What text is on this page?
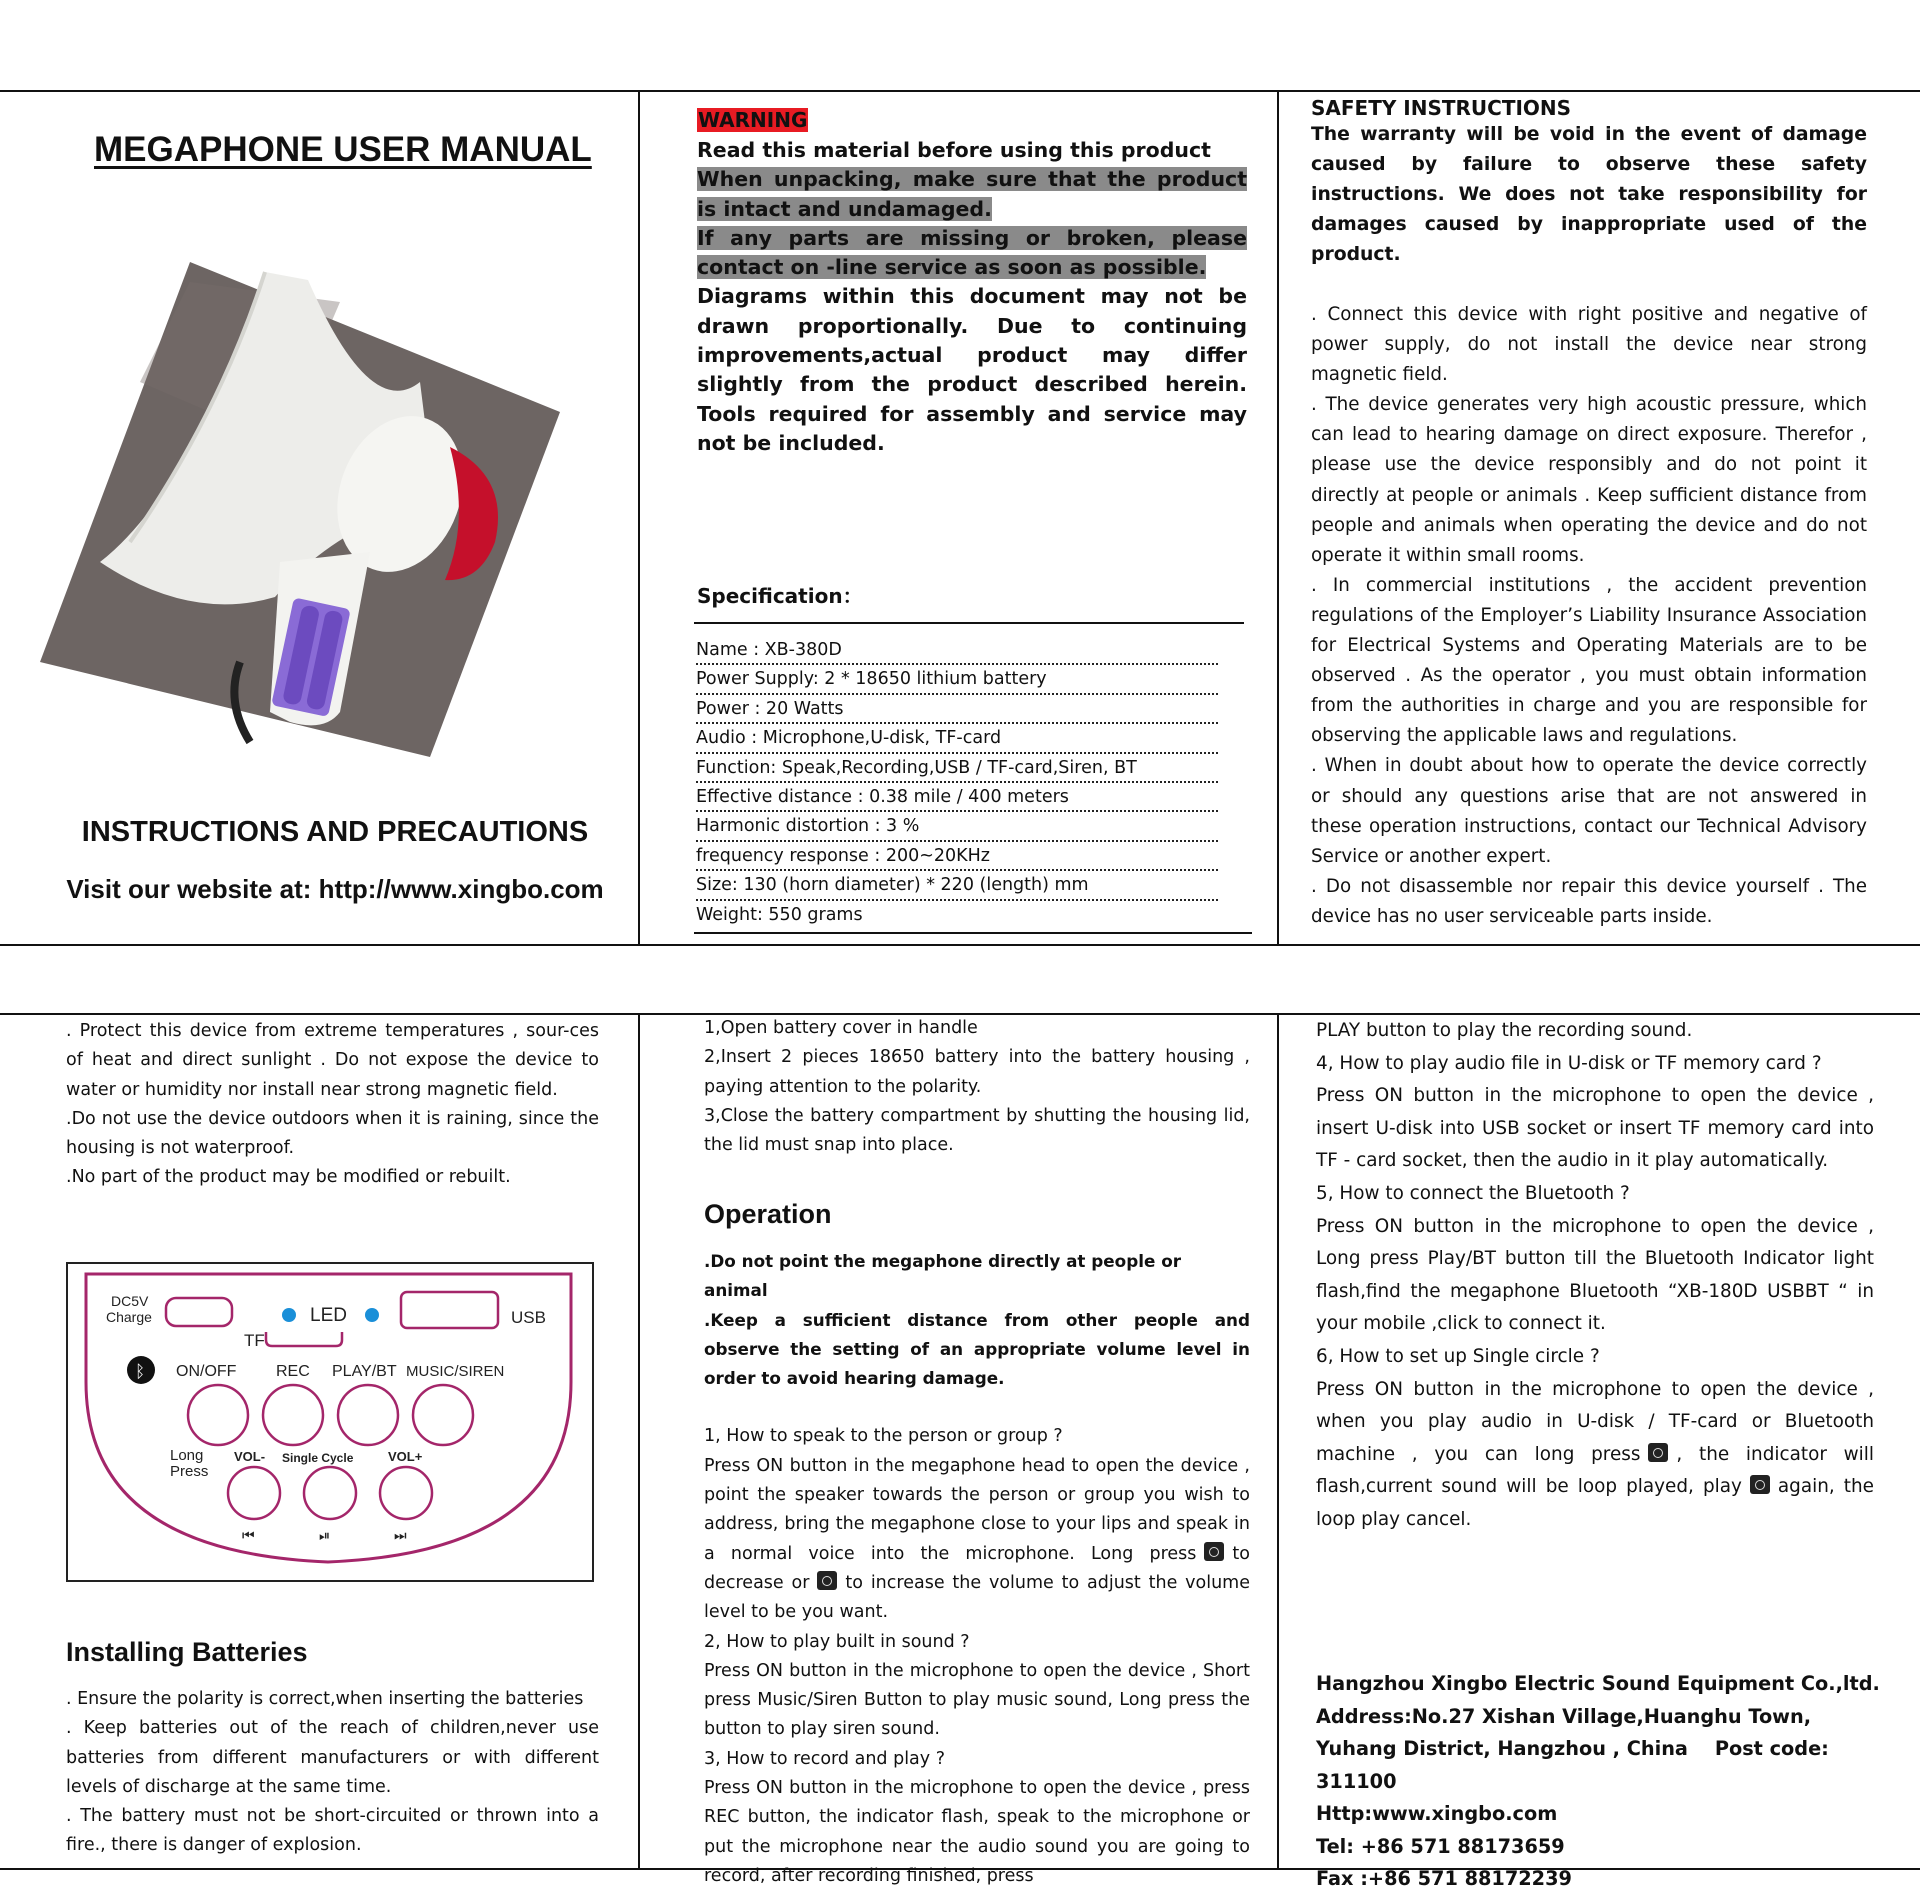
MEGAPHONE USER MANUAL
INSTRUCTIONS AND PRECAUTIONS
Visit our website at: http://www.xingbo.com
WARNING
Read this material before using this product
When unpacking, make sure that the product is intact and undamaged.
If any parts are missing or broken, please contact on -line service as soon as possible.
Diagrams within this document may not be drawn proportionally. Due to continuing improvements,actual product may differ slightly from the product described herein. Tools required for assembly and service may not be included.
Specification：
Name : XB-380D
Power Supply: 2 * 18650 lithium battery
Power : 20 Watts
Audio : Microphone,U-disk, TF-card
Function: Speak,Recording,USB / TF-card,Siren, BT
Effective distance : 0.38 mile / 400 meters
Harmonic distortion : 3 %
frequency response : 200~20KHz
Size: 130 (horn diameter) * 220 (length) mm
Weight: 550 grams
SAFETY INSTRUCTIONS
The warranty will be void in the event of damage caused by failure to observe these safety instructions. We does not take responsibility for damages caused by inappropriate used of the product.
. Connect this device with right positive and negative of power supply, do not install the device near strong magnetic field.
. The device generates very high acoustic pressure, which can lead to hearing damage on direct exposure. Therefor , please use the device responsibly and do not point it directly at people or animals . Keep sufficient distance from people and animals when operating the device and do not operate it within small rooms.
. In commercial institutions , the accident prevention regulations of the Employer’s Liability Insurance Association for Electrical Systems and Operating Materials are to be observed . As the operator , you must obtain information from the authorities in charge and you are responsible for observing the applicable laws and regulations.
. When in doubt about how to operate the device correctly or should any questions arise that are not answered in these operation instructions, contact our Technical Advisory Service or another expert.
. Do not disassemble nor repair this device yourself . The device has no user serviceable parts inside.
. Protect this device from extreme temperatures , sour-ces of heat and direct sunlight . Do not expose the device to water or humidity nor install near strong magnetic field.
.Do not use the device outdoors when it is raining, since the housing is not waterproof.
.No part of the product may be modified or rebuilt.
DC5V
Charge	LED	USB
TF
ᛒ ON/OFF REC PLAY/BT MUSIC/SIREN
Long
Press
VOL- Single Cycle	VOL+
⏮	⏯	⏭
Installing Batteries
. Ensure the polarity is correct,when inserting the batteries
. Keep batteries out of the reach of children,never use batteries from different manufacturers or with different levels of discharge at the same time.
. The battery must not be short-circuited or thrown into a fire., there is danger of explosion.
1,Open battery cover in handle
2,Insert 2 pieces 18650 battery into the battery housing , paying attention to the polarity.
3,Close the battery compartment by shutting the housing lid, the lid must snap into place.
Operation
.Do not point the megaphone directly at people or animal
.Keep a sufficient distance from other people and observe the setting of an appropriate volume level in order to avoid hearing damage.
1, How to speak to the person or group ?
Press ON button in the megaphone head to open the device , point the speaker towards the person or group you wish to address, bring the megaphone close to your lips and speak in a normal voice into the microphone. Long press to decrease or to increase the volume to adjust the volume level to be you want.
2, How to play built in sound ?
Press ON button in the microphone to open the device , Short press Music/Siren Button to play music sound, Long press the button to play siren sound.
3, How to record and play ?
Press ON button in the microphone to open the device , press REC button, the indicator flash, speak to the microphone or put the microphone near the audio sound you are going to record, after recording finished, press
PLAY button to play the recording sound.
4, How to play audio file in U-disk or TF memory card ?
Press ON button in the microphone to open the device , insert U-disk into USB socket or insert TF memory card into TF - card socket, then the audio in it play automatically.
5, How to connect the Bluetooth ?
Press ON button in the microphone to open the device , Long press Play/BT button till the Bluetooth Indicator light flash,find the megaphone Bluetooth “XB-180D USBBT “ in your mobile ,click to connect it.
6, How to set up Single circle ?
Press ON button in the microphone to open the device , when you play audio in U-disk / TF-card or Bluetooth machine , you can long press , the indicator will flash,current sound will be loop played, play again, the loop play cancel.
Hangzhou Xingbo Electric Sound Equipment Co.,ltd.
Address:No.27 Xishan Village,Huanghu Town, Yuhang District, Hangzhou , China Post code: 311100
Http:www.xingbo.com
Tel: +86 571 88173659
Fax :+86 571 88172239
